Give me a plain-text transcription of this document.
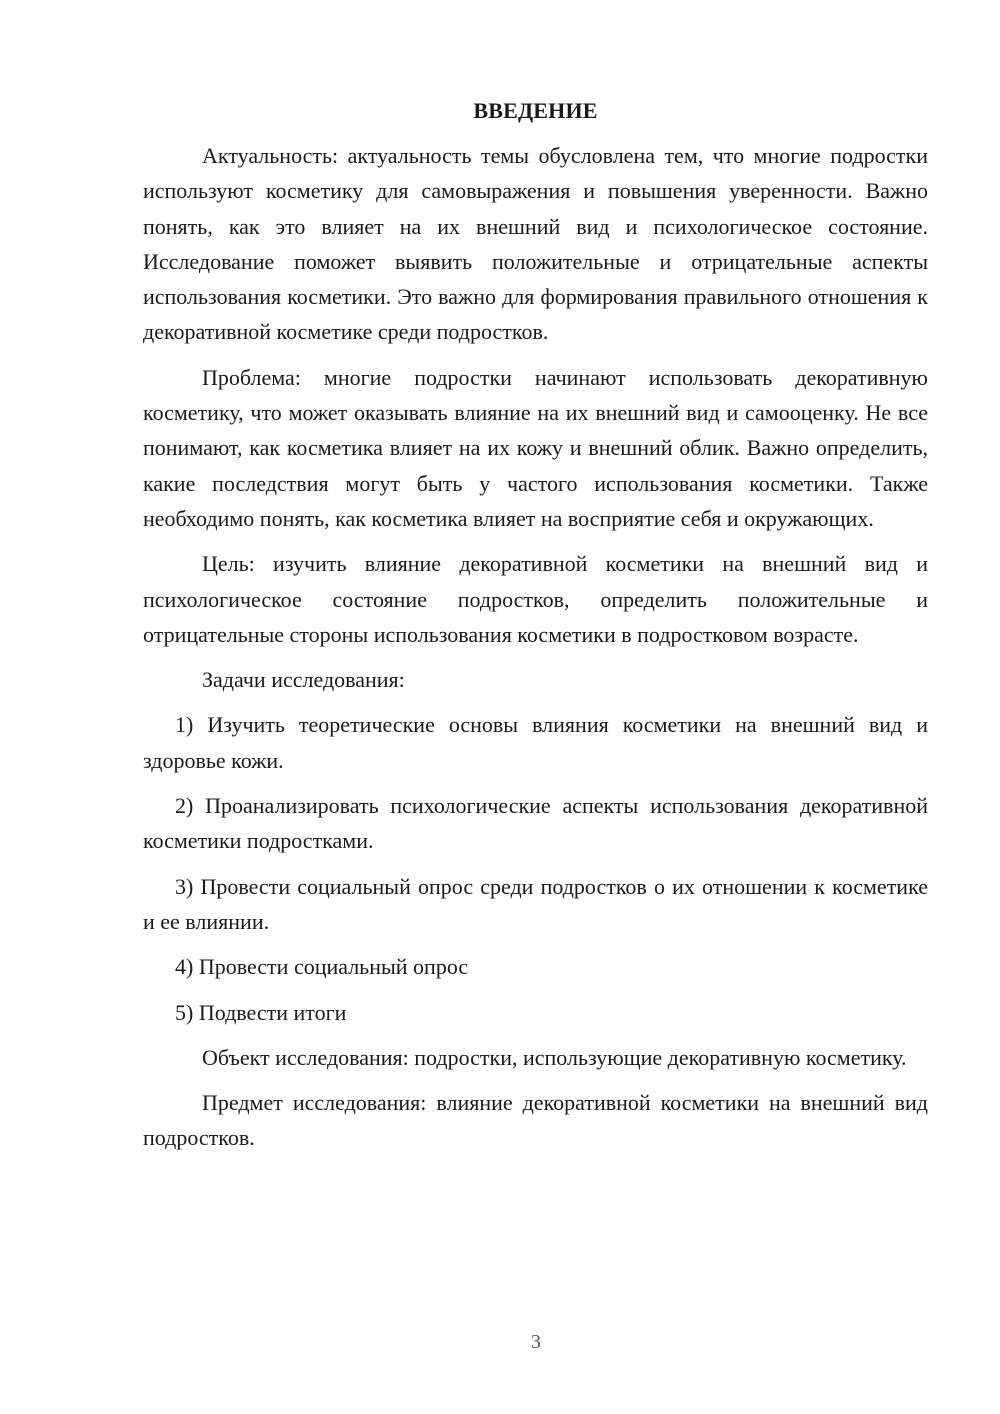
ВВЕДЕНИЕ

Актуальность: актуальность темы обусловлена тем, что многие подростки используют косметику для самовыражения и повышения уверенности. Важно понять, как это влияет на их внешний вид и психологическое состояние. Исследование поможет выявить положительные и отрицательные аспекты использования косметики. Это важно для формирования правильного отношения к декоративной косметике среди подростков.

Проблема: многие подростки начинают использовать декоративную косметику, что может оказывать влияние на их внешний вид и самооценку. Не все понимают, как косметика влияет на их кожу и внешний облик. Важно определить, какие последствия могут быть у частого использования косметики. Также необходимо понять, как косметика влияет на восприятие себя и окружающих.

Цель: изучить влияние декоративной косметики на внешний вид и психологическое состояние подростков, определить положительные и отрицательные стороны использования косметики в подростковом возрасте.

Задачи исследования:

1) Изучить теоретические основы влияния косметики на внешний вид и здоровье кожи.

2) Проанализировать психологические аспекты использования декоративной косметики подростками.

3) Провести социальный опрос среди подростков о их отношении к косметике и ее влиянии.

4) Провести социальный опрос

5) Подвести итоги

Объект исследования: подростки, использующие декоративную косметику.

Предмет исследования: влияние декоративной косметики на внешний вид подростков.

3
